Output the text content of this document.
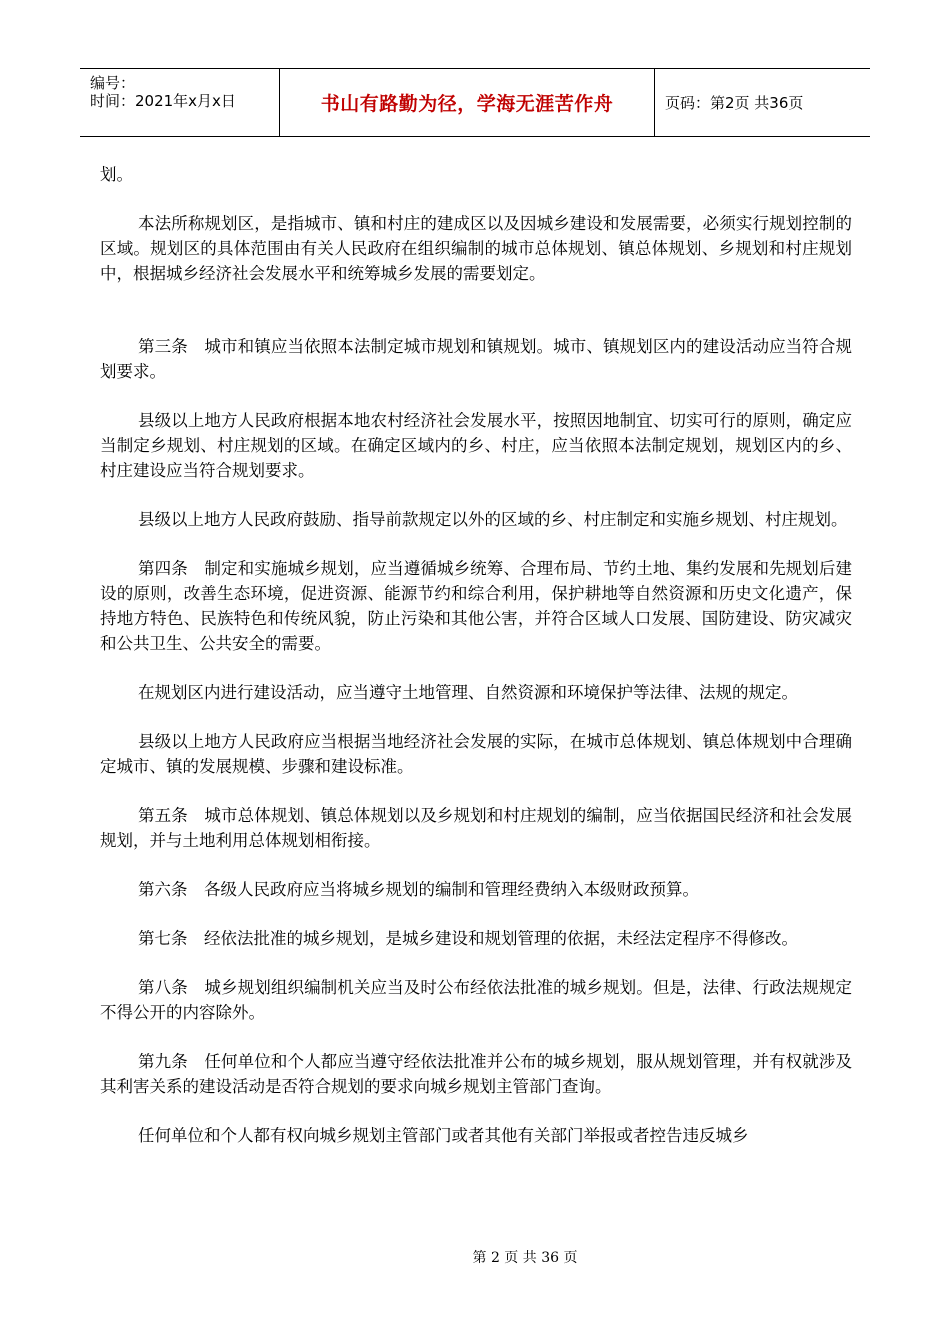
编号：
时间：2021年x月x日	书山有路勤为径，学海无涯苦作舟	页码：第2页 共36页

划。

本法所称规划区，是指城市、镇和村庄的建成区以及因城乡建设和发展需要，必须实行规划控制的区域。规划区的具体范围由有关人民政府在组织编制的城市总体规划、镇总体规划、乡规划和村庄规划中，根据城乡经济社会发展水平和统筹城乡发展的需要划定。

第三条　城市和镇应当依照本法制定城市规划和镇规划。城市、镇规划区内的建设活动应当符合规划要求。

县级以上地方人民政府根据本地农村经济社会发展水平，按照因地制宜、切实可行的原则，确定应当制定乡规划、村庄规划的区域。在确定区域内的乡、村庄，应当依照本法制定规划，规划区内的乡、村庄建设应当符合规划要求。

县级以上地方人民政府鼓励、指导前款规定以外的区域的乡、村庄制定和实施乡规划、村庄规划。

第四条　制定和实施城乡规划，应当遵循城乡统筹、合理布局、节约土地、集约发展和先规划后建设的原则，改善生态环境，促进资源、能源节约和综合利用，保护耕地等自然资源和历史文化遗产，保持地方特色、民族特色和传统风貌，防止污染和其他公害，并符合区域人口发展、国防建设、防灾减灾和公共卫生、公共安全的需要。

在规划区内进行建设活动，应当遵守土地管理、自然资源和环境保护等法律、法规的规定。

县级以上地方人民政府应当根据当地经济社会发展的实际，在城市总体规划、镇总体规划中合理确定城市、镇的发展规模、步骤和建设标准。

第五条　城市总体规划、镇总体规划以及乡规划和村庄规划的编制，应当依据国民经济和社会发展规划，并与土地利用总体规划相衔接。

第六条　各级人民政府应当将城乡规划的编制和管理经费纳入本级财政预算。

第七条　经依法批准的城乡规划，是城乡建设和规划管理的依据，未经法定程序不得修改。

第八条　城乡规划组织编制机关应当及时公布经依法批准的城乡规划。但是，法律、行政法规规定不得公开的内容除外。

第九条　任何单位和个人都应当遵守经依法批准并公布的城乡规划，服从规划管理，并有权就涉及其利害关系的建设活动是否符合规划的要求向城乡规划主管部门查询。

任何单位和个人都有权向城乡规划主管部门或者其他有关部门举报或者控告违反城乡

第 2 页 共 36 页
